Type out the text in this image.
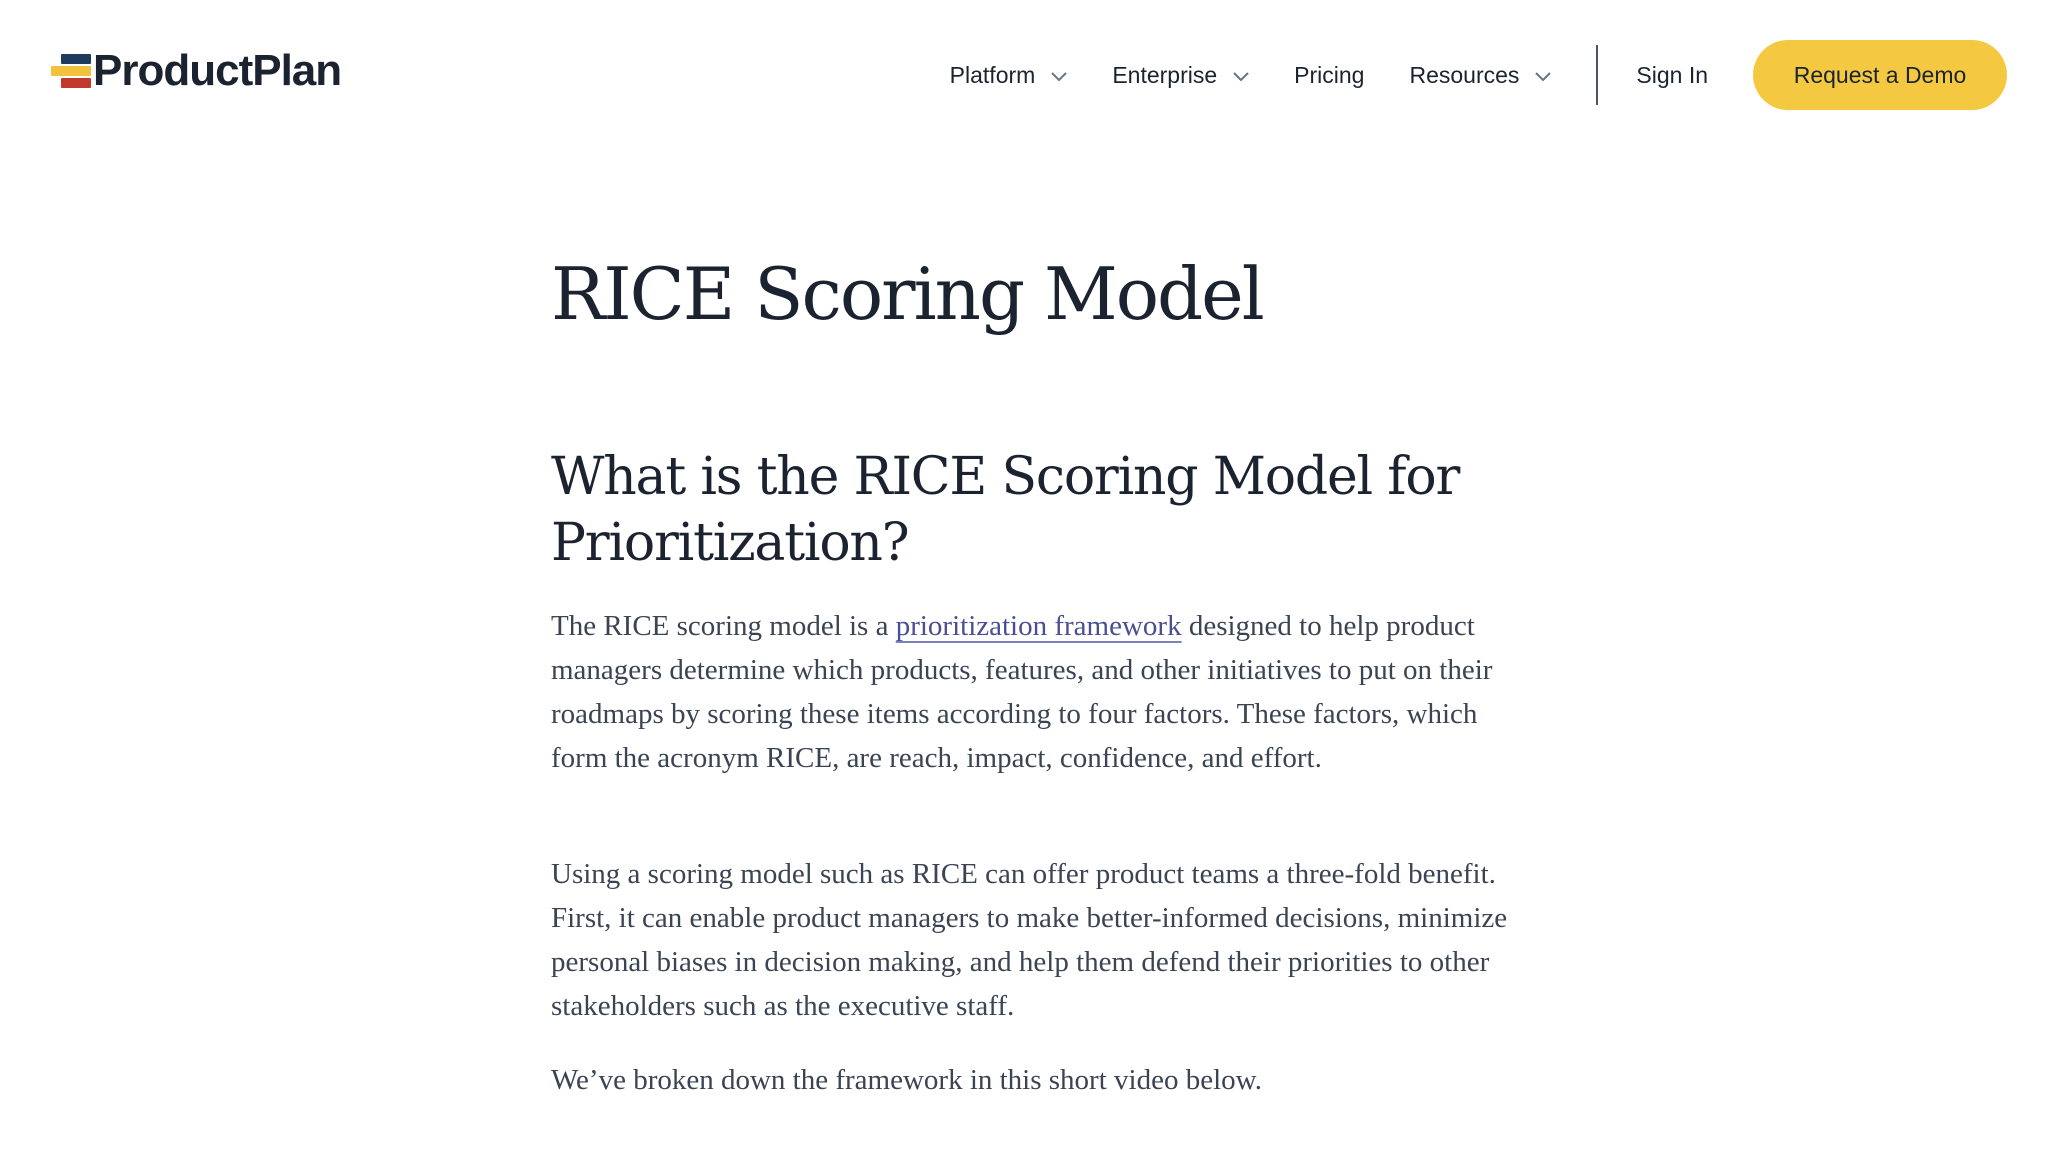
ProductPlan	Platform	Enterprise	Pricing Resources	Sign In	Request a Demo
RICE Scoring Model
What is the RICE Scoring Model for Prioritization?

The RICE scoring model is a prioritization framework designed to help product managers determine which products, features, and other initiatives to put on their roadmaps by scoring these items according to four factors. These factors, which form the acronym RICE, are reach, impact, confidence, and effort.

Using a scoring model such as RICE can offer product teams a three-fold benefit. First, it can enable product managers to make better-informed decisions, minimize personal biases in decision making, and help them defend their priorities to other stakeholders such as the executive staff.

We’ve broken down the framework in this short video below.
